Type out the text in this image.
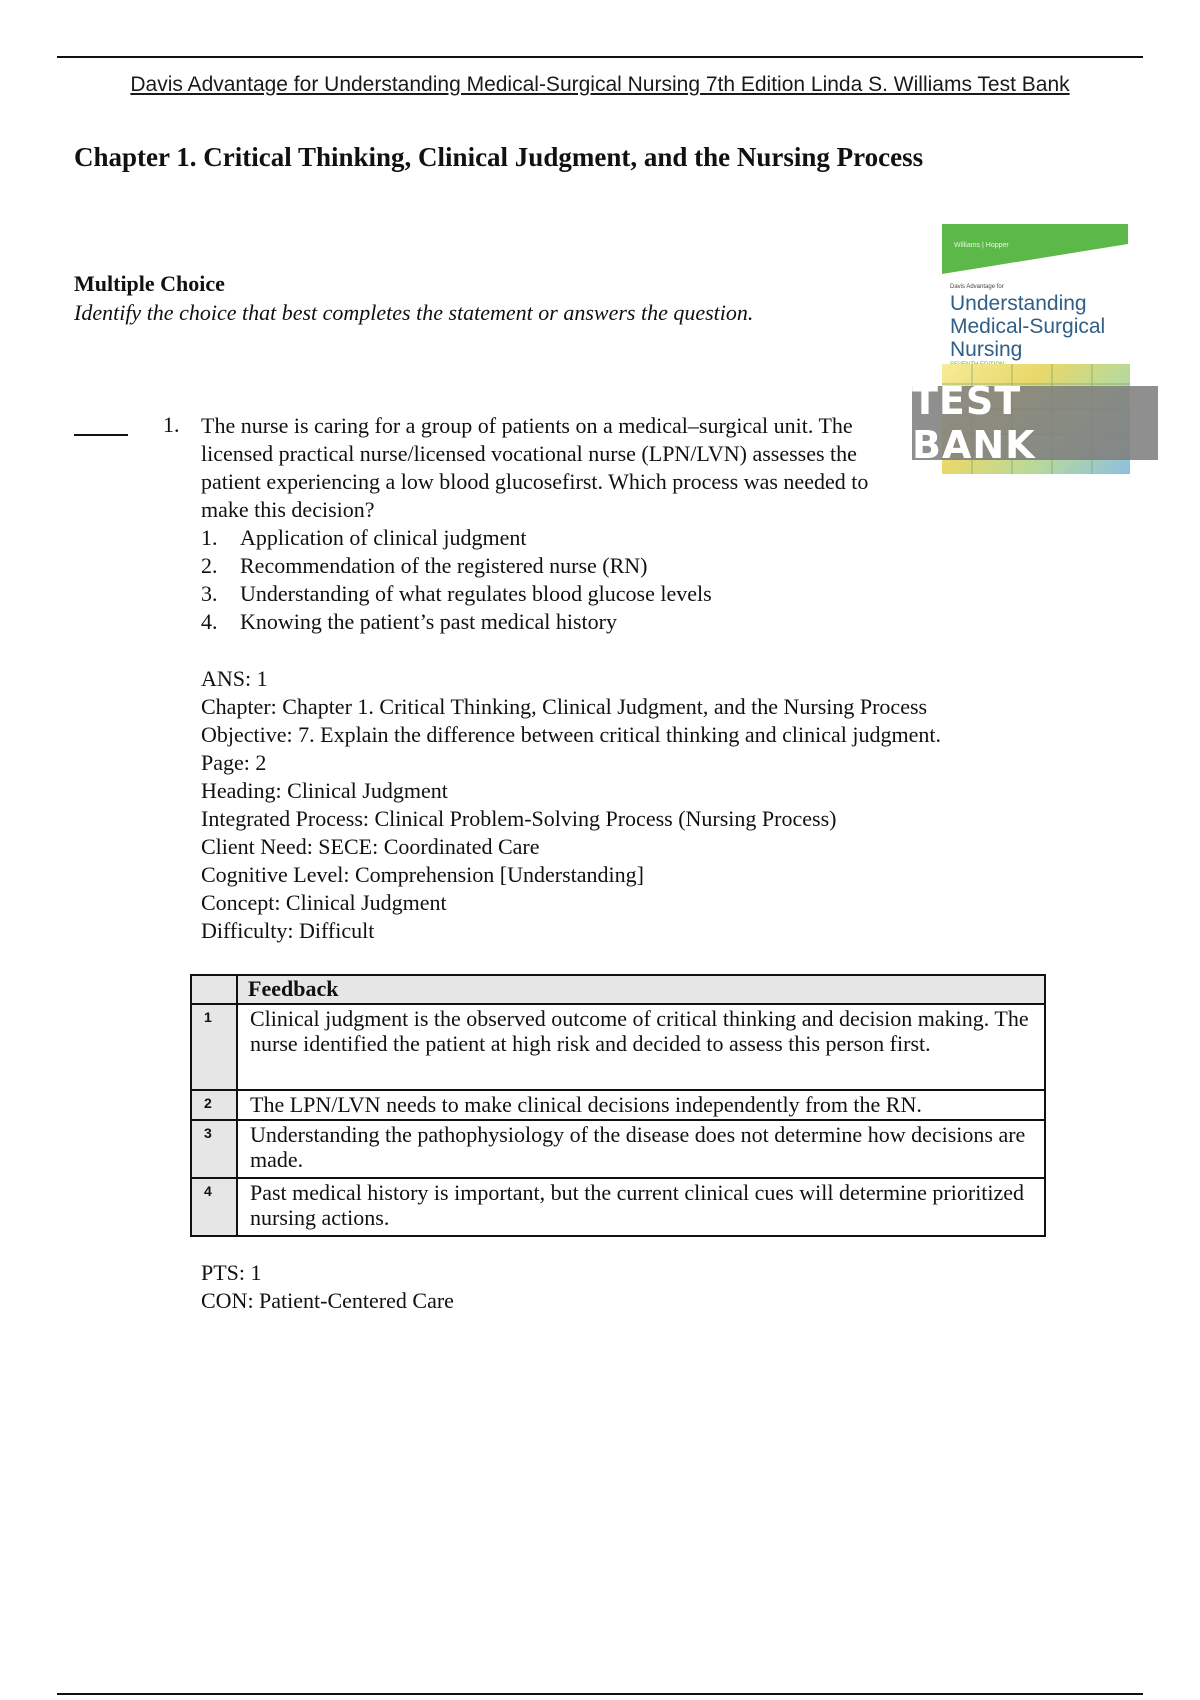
Davis Advantage for Understanding Medical-Surgical Nursing 7th Edition Linda S. Williams Test Bank
Chapter 1. Critical Thinking, Clinical Judgment, and the Nursing Process
Multiple Choice
Identify the choice that best completes the statement or answers the question.
Williams | Hopper
Davis Advantage for
Understanding
Medical-Surgical
Nursing
TEST BANK
1. The nurse is caring for a group of patients on a medical–surgical unit. The licensed practical nurse/licensed vocational nurse (LPN/LVN) assesses the patient experiencing a low blood glucosefirst. Which process was needed to make this decision?
1. Application of clinical judgment
2. Recommendation of the registered nurse (RN)
3. Understanding of what regulates blood glucose levels
4. Knowing the patient’s past medical history
ANS: 1
Chapter: Chapter 1. Critical Thinking, Clinical Judgment, and the Nursing Process
Objective: 7. Explain the difference between critical thinking and clinical judgment.
Page: 2
Heading: Clinical Judgment
Integrated Process: Clinical Problem-Solving Process (Nursing Process)
Client Need: SECE: Coordinated Care
Cognitive Level: Comprehension [Understanding]
Concept: Clinical Judgment
Difficulty: Difficult
	Feedback
1	Clinical judgment is the observed outcome of critical thinking and decision making. The nurse identified the patient at high risk and decided to assess this person first.
2	The LPN/LVN needs to make clinical decisions independently from the RN.
3	Understanding the pathophysiology of the disease does not determine how decisions are made.
4	Past medical history is important, but the current clinical cues will determine prioritized nursing actions.
PTS: 1
CON: Patient-Centered Care
